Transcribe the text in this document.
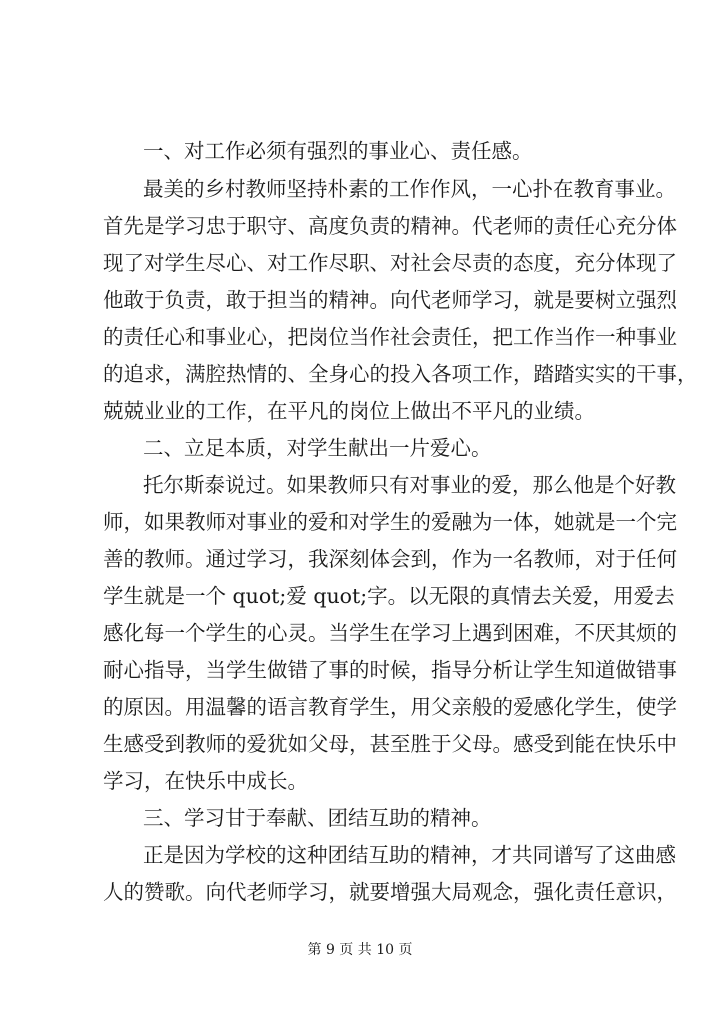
一、对工作必须有强烈的事业心、责任感。
最美的乡村教师坚持朴素的工作作风，一心扑在教育事业。
首先是学习忠于职守、高度负责的精神。代老师的责任心充分体
现了对学生尽心、对工作尽职、对社会尽责的态度，充分体现了
他敢于负责，敢于担当的精神。向代老师学习，就是要树立强烈
的责任心和事业心，把岗位当作社会责任，把工作当作一种事业
的追求，满腔热情的、全身心的投入各项工作，踏踏实实的干事，
兢兢业业的工作，在平凡的岗位上做出不平凡的业绩。
二、立足本质，对学生献出一片爱心。
托尔斯泰说过。如果教师只有对事业的爱，那么他是个好教
师，如果教师对事业的爱和对学生的爱融为一体，她就是一个完
善的教师。通过学习，我深刻体会到，作为一名教师，对于任何
学生就是一个 quot;爱 quot;字。以无限的真情去关爱，用爱去
感化每一个学生的心灵。当学生在学习上遇到困难，不厌其烦的
耐心指导，当学生做错了事的时候，指导分析让学生知道做错事
的原因。用温馨的语言教育学生，用父亲般的爱感化学生，使学
生感受到教师的爱犹如父母，甚至胜于父母。感受到能在快乐中
学习，在快乐中成长。
三、学习甘于奉献、团结互助的精神。
正是因为学校的这种团结互助的精神，才共同谱写了这曲感
人的赞歌。向代老师学习，就要增强大局观念，强化责任意识，
第 9 页 共 10 页
